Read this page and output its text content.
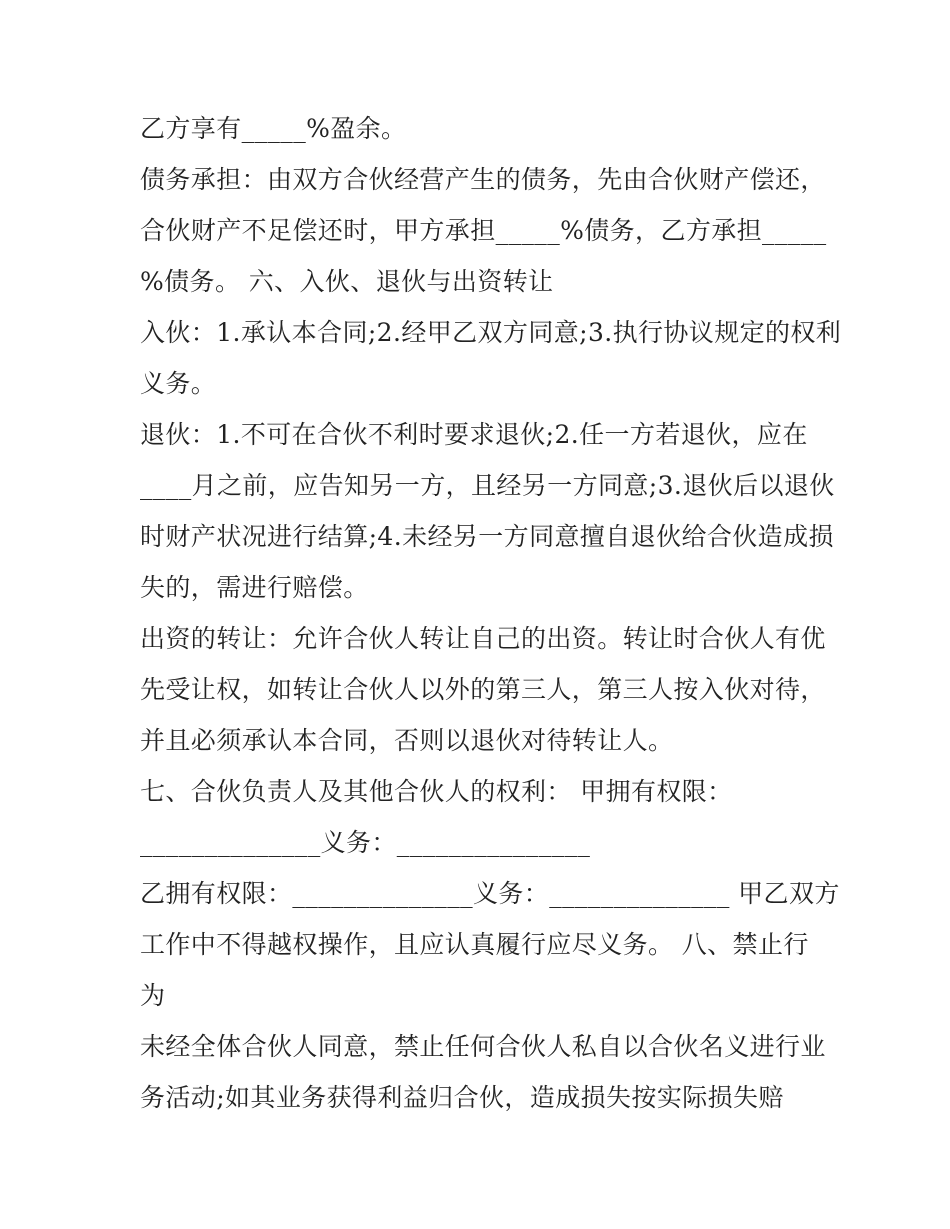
乙方享有_____%盈余。
债务承担：由双方合伙经营产生的债务，先由合伙财产偿还，
合伙财产不足偿还时，甲方承担_____%债务，乙方承担_____
%债务。 六、入伙、退伙与出资转让
入伙：1.承认本合同;2.经甲乙双方同意;3.执行协议规定的权利
义务。
退伙：1.不可在合伙不利时要求退伙;2.任一方若退伙，应在
____月之前，应告知另一方，且经另一方同意;3.退伙后以退伙
时财产状况进行结算;4.未经另一方同意擅自退伙给合伙造成损
失的，需进行赔偿。
出资的转让：允许合伙人转让自己的出资。转让时合伙人有优
先受让权，如转让合伙人以外的第三人，第三人按入伙对待，
并且必须承认本合同，否则以退伙对待转让人。
七、合伙负责人及其他合伙人的权利： 甲拥有权限：
______________义务：_______________
乙拥有权限：______________义务：______________ 甲乙双方
工作中不得越权操作，且应认真履行应尽义务。 八、禁止行
为
未经全体合伙人同意，禁止任何合伙人私自以合伙名义进行业
务活动;如其业务获得利益归合伙，造成损失按实际损失赔
